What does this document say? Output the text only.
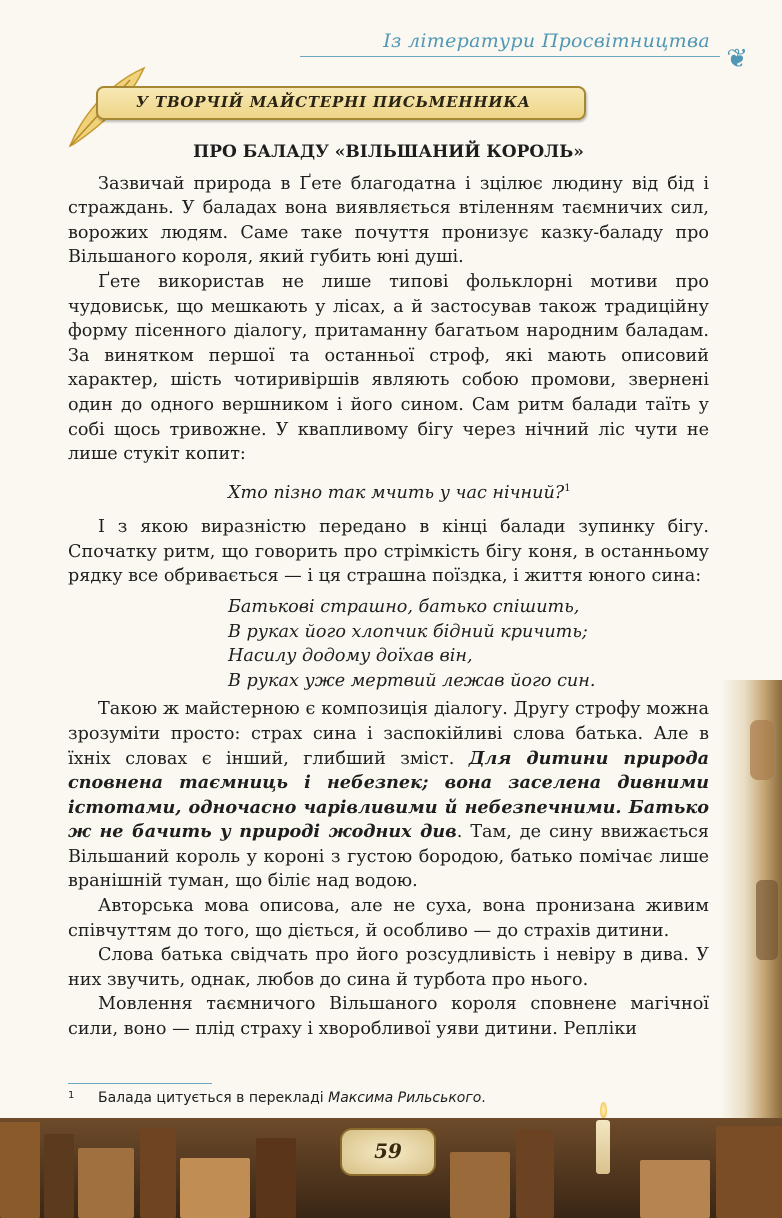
Із літератури Просвітництва
❦
У ТВОРЧІЙ МАЙСТЕРНІ ПИСЬМЕННИКА
ПРО БАЛАДУ «ВІЛЬШАНИЙ КОРОЛЬ»

Зазвичай природа в Ґете благодатна і зцілює людину від бід і страждань. У баладах вона виявляється втіленням таємничих сил, ворожих людям. Саме таке почуття пронизує казку-баладу про Вільшаного короля, який губить юні душі.

Ґете використав не лише типові фольклорні мотиви про чудовиськ, що мешкають у лісах, а й застосував також традиційну форму пісенного діалогу, притаманну багатьом народним баладам. За винятком першої та останньої строф, які мають описовий характер, шість чотиривіршів являють собою промови, звернені один до одного вершником і його сином. Сам ритм балади таїть у собі щось тривожне. У квапливому бігу через нічний ліс чути не лише стукіт копит:

Хто пізно так мчить у час нічний?$^1$

І з якою виразністю передано в кінці балади зупинку бігу. Спочатку ритм, що говорить про стрімкість бігу коня, в останньому рядку все обривається — і ця страшна поїздка, і життя юного сина:

Батькові страшно, батько спішить,
В руках його хлопчик бідний кричить;
Насилу додому доїхав він,
В руках уже мертвий лежав його син.

Такою ж майстерною є композиція діалогу. Другу строфу можна зрозуміти просто: страх сина і заспокійливі слова батька. Але в їхніх словах є інший, глибший зміст. Для дитини природа сповнена таємниць і небезпек; вона заселена дивними істотами, одночасно чарівливими й небезпечними. Батько ж не бачить у природі жодних див. Там, де сину ввижається Вільшаний король у короні з густою бородою, батько помічає лише вранішній туман, що біліє над водою.

Авторська мова описова, але не суха, вона пронизана живим співчуттям до того, що діється, й особливо — до страхів дитини.

Слова батька свідчать про його розсудливість і невіру в дива. У них звучить, однак, любов до сина й турбота про нього.

Мовлення таємничого Вільшаного короля сповнене магічної сили, воно — плід страху і хворобливої уяви дитини. Репліки

1 Балада цитується в перекладі Максима Рильського.
59
